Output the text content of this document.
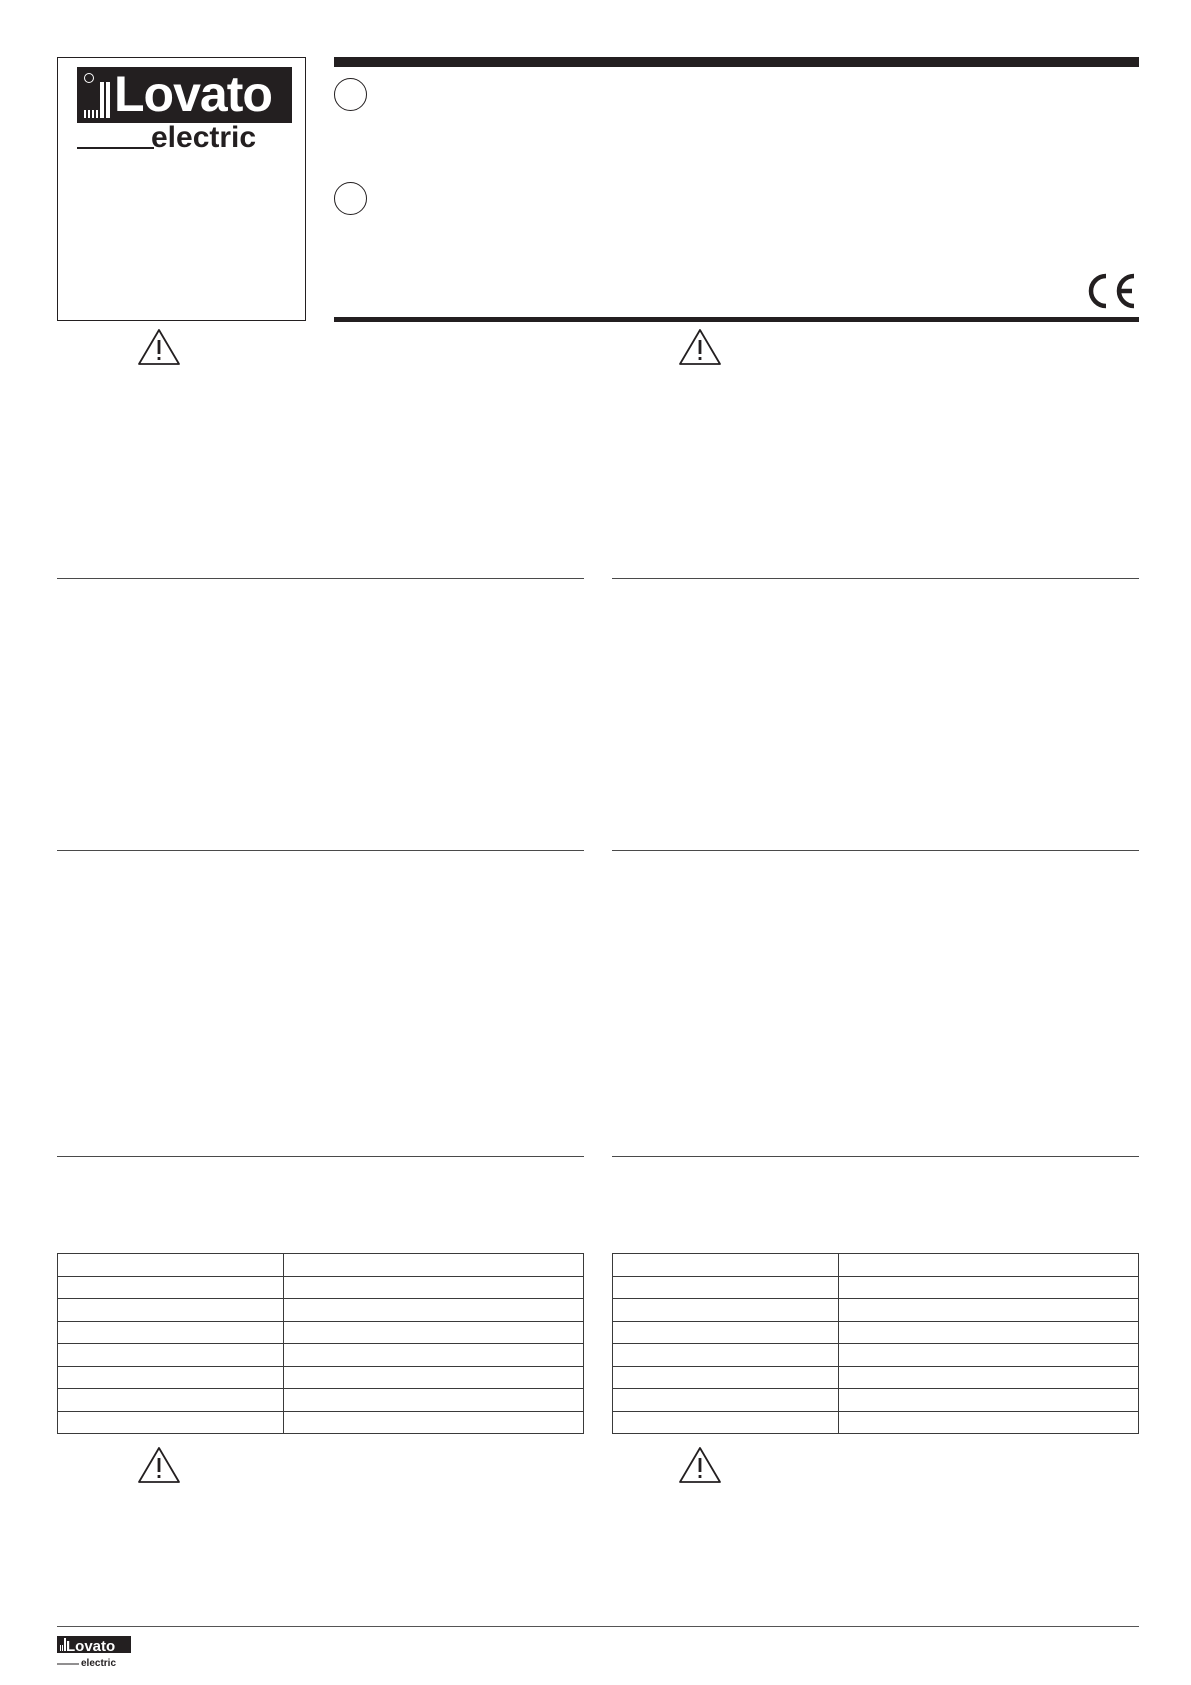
Lovato
electric

Lovato
electric
